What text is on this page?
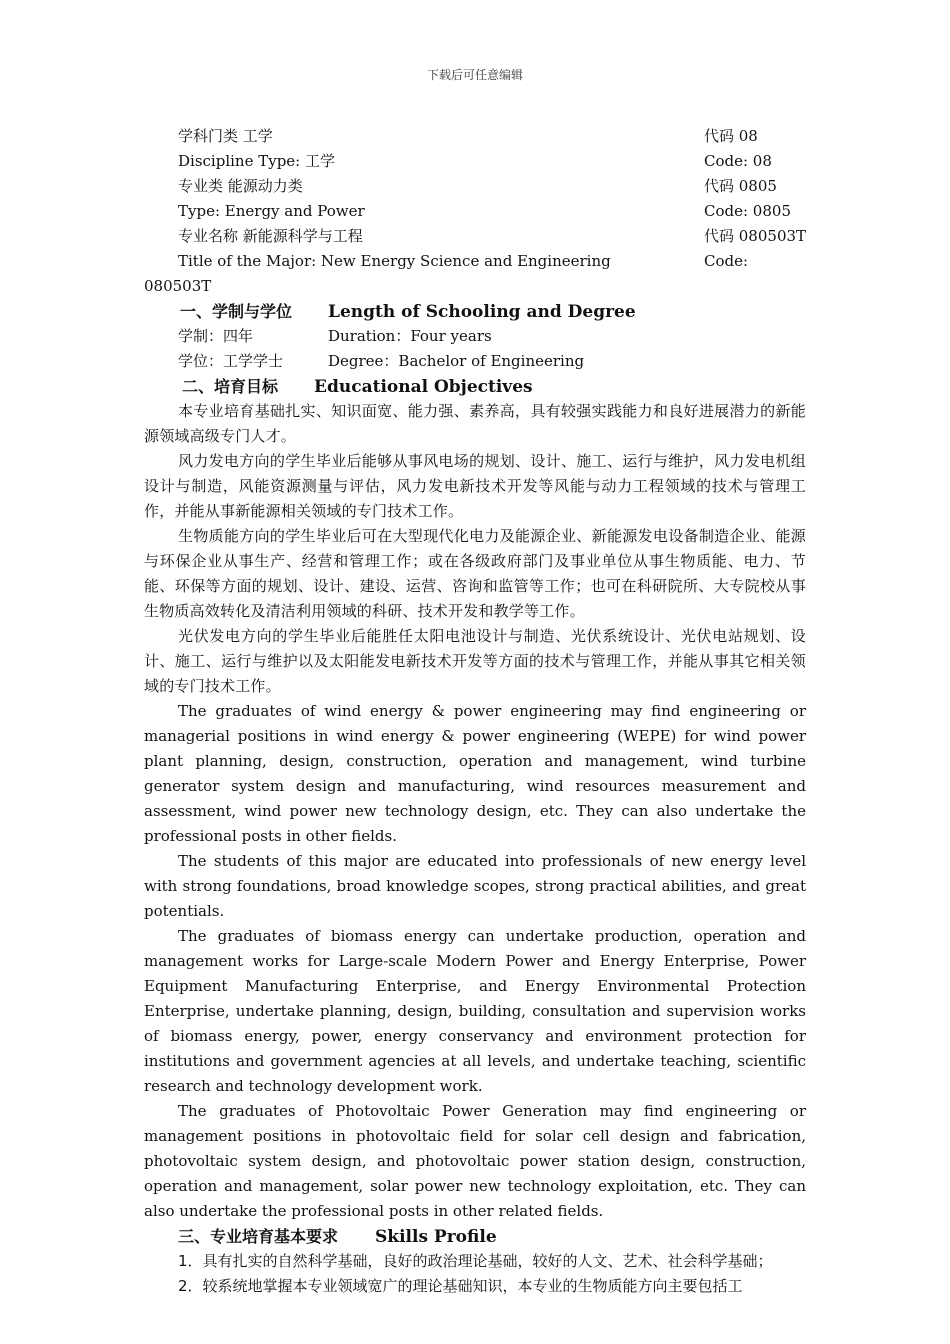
下载后可任意编辑
学科门类 工学	代码 08
Discipline Type: 工学	Code: 08
专业类 能源动力类	代码 0805
Type: Energy and Power	Code: 0805
专业名称 新能源科学与工程	代码 080503T
Title of the Major: New Energy Science and Engineering	Code:
080503T
一、学制与学位 Length of Schooling and Degree
学制：四年	Duration：Four years
学位：工学学士	Degree：Bachelor of Engineering
二、培育目标 Educational Objectives

本专业培育基础扎实、知识面宽、能力强、素养高，具有较强实践能力和良好进展潜力的新能源领域高级专门人才。

风力发电方向的学生毕业后能够从事风电场的规划、设计、施工、运行与维护，风力发电机组设计与制造，风能资源测量与评估，风力发电新技术开发等风能与动力工程领域的技术与管理工作，并能从事新能源相关领域的专门技术工作。

生物质能方向的学生毕业后可在大型现代化电力及能源企业、新能源发电设备制造企业、能源与环保企业从事生产、经营和管理工作；或在各级政府部门及事业单位从事生物质能、电力、节能、环保等方面的规划、设计、建设、运营、咨询和监管等工作；也可在科研院所、大专院校从事生物质高效转化及清洁利用领域的科研、技术开发和教学等工作。

光伏发电方向的学生毕业后能胜任太阳电池设计与制造、光伏系统设计、光伏电站规划、设计、施工、运行与维护以及太阳能发电新技术开发等方面的技术与管理工作，并能从事其它相关领域的专门技术工作。

The graduates of wind energy & power engineering may find engineering or managerial positions in wind energy & power engineering (WEPE) for wind power plant planning, design, construction, operation and management, wind turbine generator system design and manufacturing, wind resources measurement and assessment, wind power new technology design, etc. They can also undertake the professional posts in other fields.

The students of this major are educated into professionals of new energy level with strong foundations, broad knowledge scopes, strong practical abilities, and great potentials.

The graduates of biomass energy can undertake production, operation and management works for Large-scale Modern Power and Energy Enterprise, Power Equipment Manufacturing Enterprise, and Energy Environmental Protection Enterprise, undertake planning, design, building, consultation and supervision works of biomass energy, power, energy conservancy and environment protection for institutions and government agencies at all levels, and undertake teaching, scientific research and technology development work.

The graduates of Photovoltaic Power Generation may find engineering or management positions in photovoltaic field for solar cell design and fabrication, photovoltaic system design, and photovoltaic power station design, construction, operation and management, solar power new technology exploitation, etc. They can also undertake the professional posts in other related fields.

三、专业培育基本要求 Skills Profile

1．具有扎实的自然科学基础，良好的政治理论基础，较好的人文、艺术、社会科学基础；

2．较系统地掌握本专业领域宽广的理论基础知识，本专业的生物质能方向主要包括工
